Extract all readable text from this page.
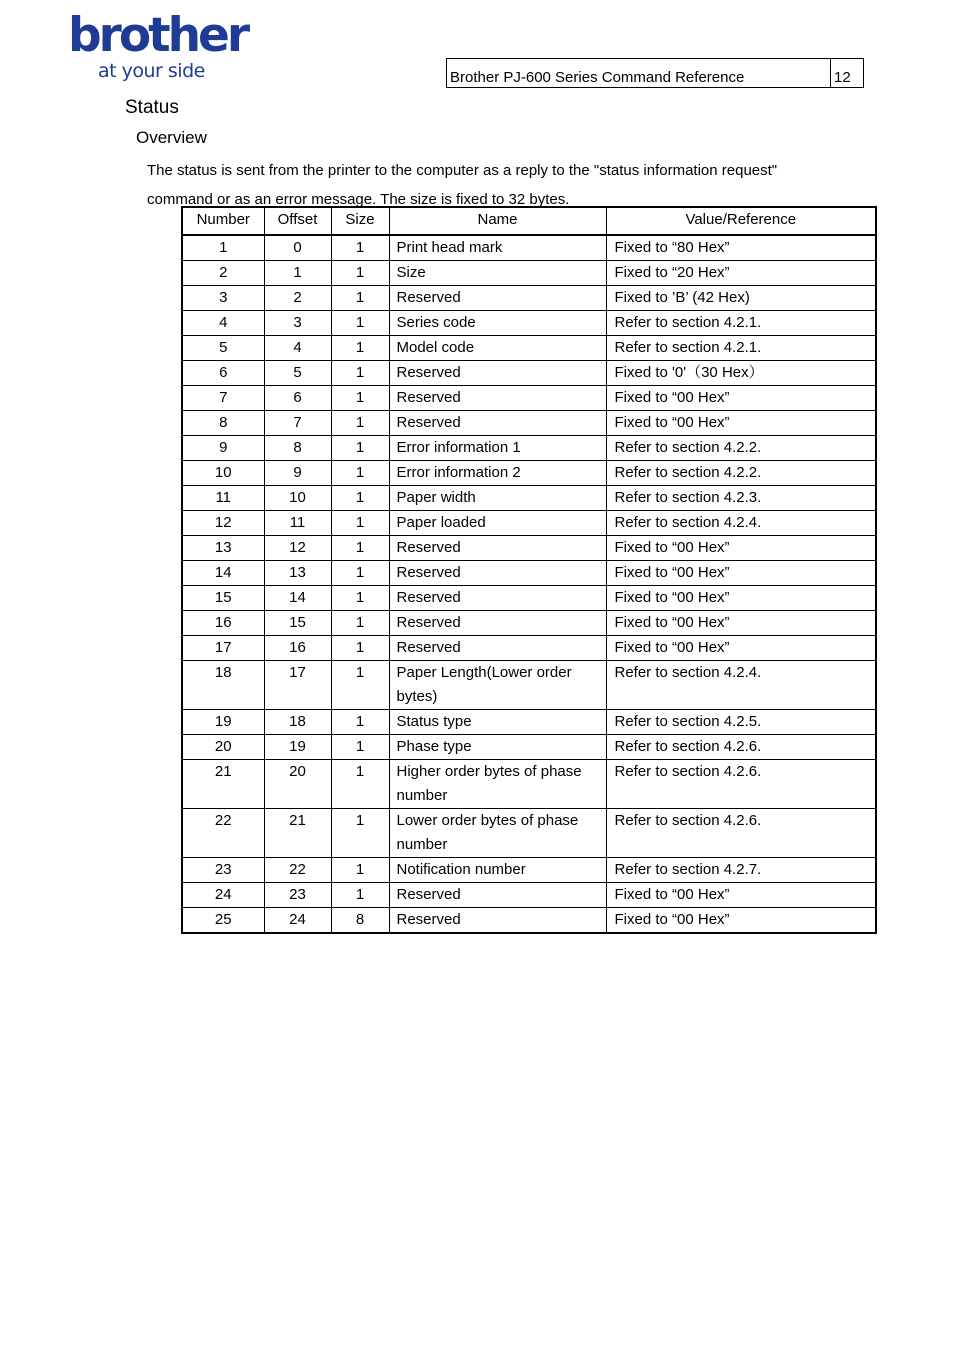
brother
at your side	Brother PJ-600 Series Command Reference	12
Status
Overview
The status is sent from the printer to the computer as a reply to the "status information request" command or as an error message. The size is fixed to 32 bytes.
Number	Offset	Size	Name	Value/Reference
1	0	1	Print head mark	Fixed to “80 Hex”
2	1	1	Size	Fixed to “20 Hex”
3	2	1	Reserved	Fixed to ’B’ (42 Hex)
4	3	1	Series code	Refer to section 4.2.1.
5	4	1	Model code	Refer to section 4.2.1.
6	5	1	Reserved	Fixed to '0'（30 Hex）
7	6	1	Reserved	Fixed to “00 Hex”
8	7	1	Reserved	Fixed to “00 Hex”
9	8	1	Error information 1	Refer to section 4.2.2.
10	9	1	Error information 2	Refer to section 4.2.2.
11	10	1	Paper width	Refer to section 4.2.3.
12	11	1	Paper loaded	Refer to section 4.2.4.
13	12	1	Reserved	Fixed to “00 Hex”
14	13	1	Reserved	Fixed to “00 Hex”
15	14	1	Reserved	Fixed to “00 Hex”
16	15	1	Reserved	Fixed to “00 Hex”
17	16	1	Reserved	Fixed to “00 Hex”
18	17	1	Paper Length(Lower order bytes)	Refer to section 4.2.4.
19	18	1	Status type	Refer to section 4.2.5.
20	19	1	Phase type	Refer to section 4.2.6.
21	20	1	Higher order bytes of phase number	Refer to section 4.2.6.
22	21	1	Lower order bytes of phase number	Refer to section 4.2.6.
23	22	1	Notification number	Refer to section 4.2.7.
24	23	1	Reserved	Fixed to “00 Hex”
25	24	8	Reserved	Fixed to “00 Hex”
